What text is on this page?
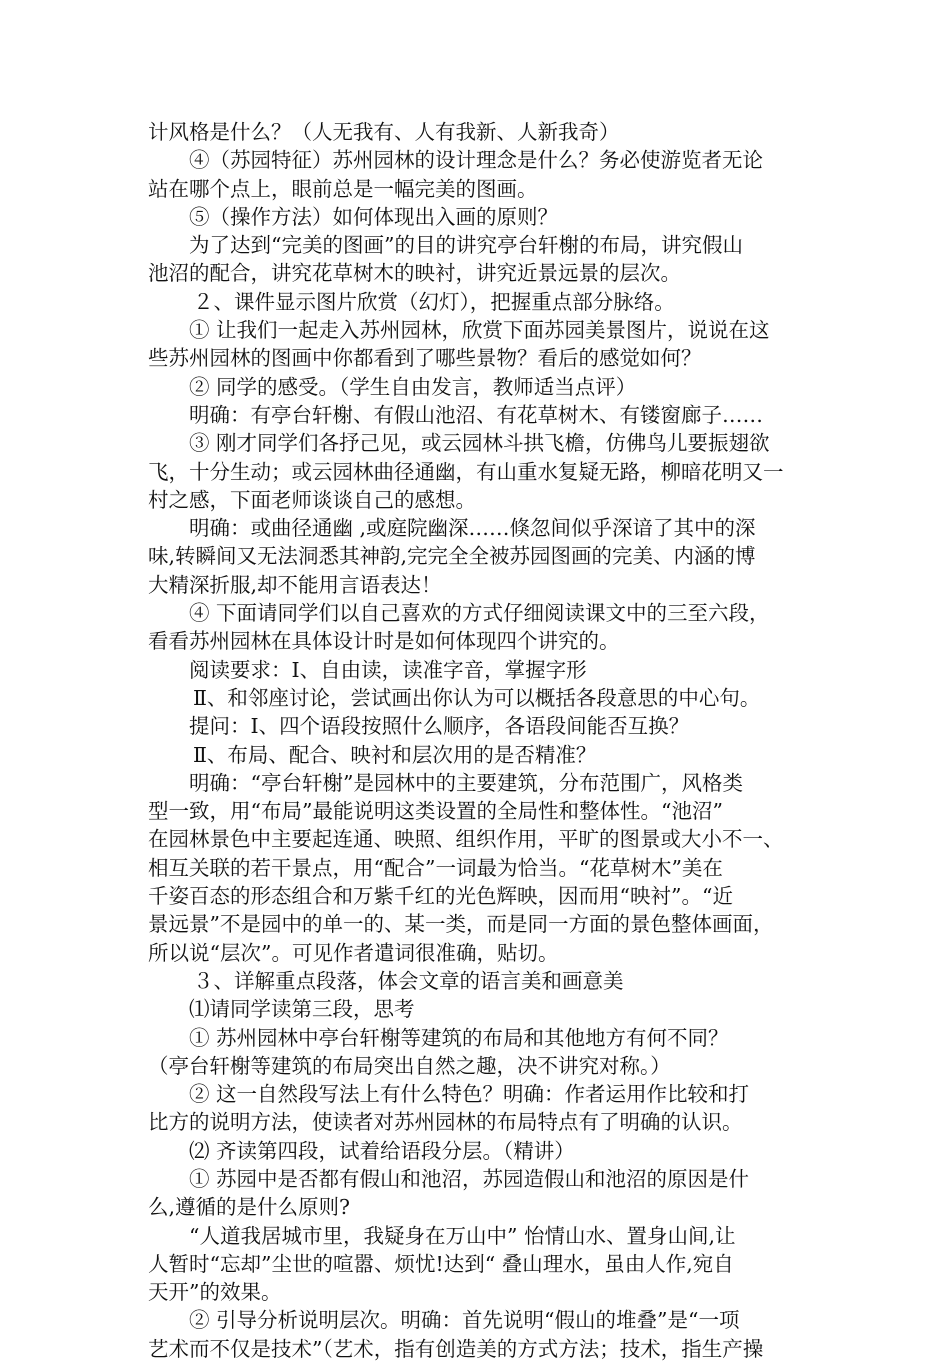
计风格是什么？（人无我有、人有我新、人新我奇）

④（苏园特征）苏州园林的设计理念是什么？务必使游览者无论

站在哪个点上，眼前总是一幅完美的图画。

⑤（操作方法）如何体现出入画的原则？

为了达到“完美的图画”的目的讲究亭台轩榭的布局，讲究假山

池沼的配合，讲究花草树木的映衬，讲究近景远景的层次。

２、课件显示图片欣赏（幻灯），把握重点部分脉络。

① 让我们一起走入苏州园林，欣赏下面苏园美景图片，说说在这

些苏州园林的图画中你都看到了哪些景物？看后的感觉如何？

② 同学的感受。（学生自由发言，教师适当点评）

明确：有亭台轩榭、有假山池沼、有花草树木、有镂窗廊子……

③ 刚才同学们各抒己见，或云园林斗拱飞檐，仿佛鸟儿要振翅欲

飞，十分生动；或云园林曲径通幽，有山重水复疑无路，柳暗花明又一

村之感，下面老师谈谈自己的感想。

明确：或曲径通幽 ,或庭院幽深……倏忽间似乎深谙了其中的深

味,转瞬间又无法洞悉其神韵,完完全全被苏园图画的完美、内涵的博

大精深折服,却不能用言语表达！

④ 下面请同学们以自己喜欢的方式仔细阅读课文中的三至六段，

看看苏州园林在具体设计时是如何体现四个讲究的。

阅读要求：Ⅰ、自由读，读准字音，掌握字形

Ⅱ、和邻座讨论，尝试画出你认为可以概括各段意思的中心句。

提问：Ⅰ、四个语段按照什么顺序，各语段间能否互换？

Ⅱ、布局、配合、映衬和层次用的是否精准？

明确：“亭台轩榭”是园林中的主要建筑，分布范围广，风格类

型一致，用“布局”最能说明这类设置的全局性和整体性。“池沼”

在园林景色中主要起连通、映照、组织作用，平旷的图景或大小不一、

相互关联的若干景点，用“配合”一词最为恰当。“花草树木”美在

千姿百态的形态组合和万紫千红的光色辉映，因而用“映衬”。“近

景远景”不是园中的单一的、某一类，而是同一方面的景色整体画面，

所以说“层次”。可见作者遣词很准确，贴切。

３、详解重点段落，体会文章的语言美和画意美

⑴请同学读第三段，思考

① 苏州园林中亭台轩榭等建筑的布局和其他地方有何不同？

（亭台轩榭等建筑的布局突出自然之趣，决不讲究对称。）

② 这一自然段写法上有什么特色？明确：作者运用作比较和打

比方的说明方法，使读者对苏州园林的布局特点有了明确的认识。

⑵ 齐读第四段，试着给语段分层。（精讲）

① 苏园中是否都有假山和池沼，苏园造假山和池沼的原因是什

么,遵循的是什么原则?

“人道我居城市里，我疑身在万山中” 怡情山水、置身山间,让

人暂时“忘却”尘世的喧嚣、烦忧!达到“ 叠山理水，虽由人作,宛自

天开”的效果。

② 引导分析说明层次。明确：首先说明“假山的堆叠”是“一项

艺术而不仅是技术”（艺术，指有创造美的方式方法；技术，指生产操
